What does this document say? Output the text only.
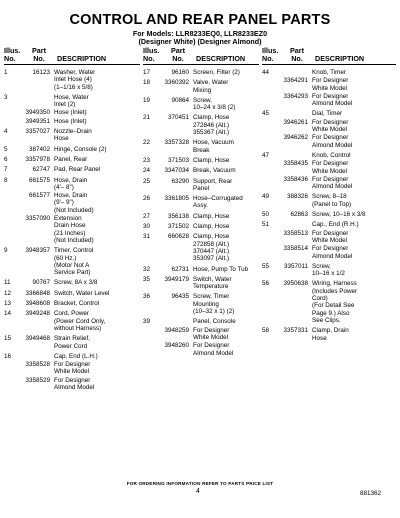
CONTROL AND REAR PANEL PARTS
For Models: LLR8233EQ0, LLR8233EZ0
(Designer White) (Designer Almond)
Illus.
No.
Part
No. DESCRIPTION
1	16123 Washer, Water
Inlet Hose (4)
(1–1/16 x 5/8)
3	Hose, Water
Inlet (2)
3949350 Hose (Inlet)
3949351 Hose (Inlet)
4	3357027 Nozzle–Drain
Hose
5	387402 Hinge, Console (2)
6	3357978 Panel, Rear
7	62747 Pad, Rear Panel
8	661575 Hose, Drain
(4'– 8")
661577 Hose, Drain
(9'– 9")
(Not Included)
3357090 Extension
Drain Hose
(21 Inches)
(Not Included)
9	3948357 Timer, Control
(60 Hz.)
(Motor Not A
Service Part)
11	90767 Screw, 8A x 3/8
12	3366848 Switch, Water Level
13	3948608 Bracket, Control
14	3949248 Cord, Power
(Power Cord Only,
without Harness)
15	3949468 Strain Relief,
Power Cord
16	Cap, End (L.H.)
3358528 For Designer
White Model
3358529 For Designer
Almond Model
Illus.
No.
Part
No. DESCRIPTION
17	96160 Screen, Filter (2)
18	3360392 Valve, Water
Mixing
19	90864 Screw,
10–24 x 3/8 (2)
21	370451 Clamp, Hose
272846 (Alt.)
355367 (Alt.)
22	3357328 Hose, Vacuum
Break
23	371503 Clamp, Hose
24	3347034 Break, Vacuum
25	63290 Support, Rear
Panel
26	3361805 Hose–Corrugated
Assy.
27	356138 Clamp, Hose
30	371502 Clamp, Hose
31	660628 Clamp, Hose
272858 (Alt.)
370447 (Alt.)
353097 (Alt.)
32	62731 Hose, Pump To Tub
35	3949179 Switch, Water
Temperature
36	96435 Screw, Timer
Mounting
(10–32 x 1) (2)
39	Panel, Console
3948259 For Designer
White Model
3948260 For Designer
Almond Model
Illus.
No.
Part
No. DESCRIPTION
44	Knob, Timer
3364291 For Designer
White Model
3364293 For Designer
Almond Model
45	Dial, Timer
3946261 For Designer
White Model
3946262 For Designer
Almond Model
47	Knob, Control
3358435 For Designer
White Model
3358436 For Designer
Almond Model
49	388326 Screw, 8–18
(Panel to Top)
50	62863 Screw, 10–16 x 3/8
51	Cap., End (R.H.)
3358513 For Designer
White Model
3358514 For Designer
Almond Model
55	3357011 Screw,
10–16 x 1/2
56	3950638 Wiring, Harness
(Includes Power
Cord)
(For Detail See
Page 9.) Also
See Clips.
58	3357331 Clamp, Drain
Hose
FOR ORDERING INFORMATION REFER TO PARTS PRICE LIST
4	881362
